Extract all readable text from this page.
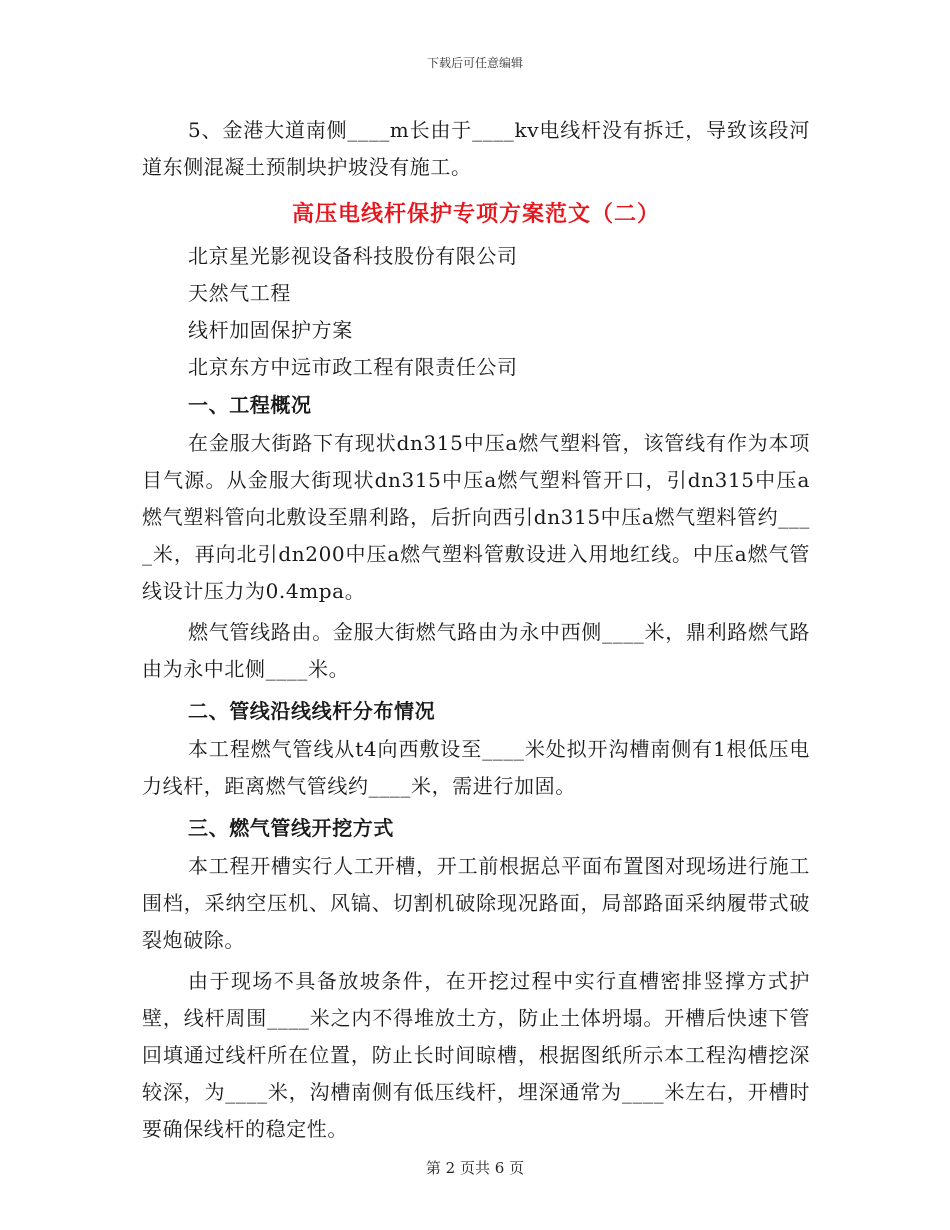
下载后可任意编辑

5、金港大道南侧____m长由于____kv电线杆没有拆迁，导致该段河道东侧混凝土预制块护坡没有施工。

高压电线杆保护专项方案范文（二）

北京星光影视设备科技股份有限公司

天然气工程

线杆加固保护方案

北京东方中远市政工程有限责任公司

一、工程概况

在金服大街路下有现状dn315中压a燃气塑料管，该管线有作为本项目气源。从金服大街现状dn315中压a燃气塑料管开口，引dn315中压a燃气塑料管向北敷设至鼎利路，后折向西引dn315中压a燃气塑料管约____米，再向北引dn200中压a燃气塑料管敷设进入用地红线。中压a燃气管线设计压力为0.4mpa。

燃气管线路由。金服大街燃气路由为永中西侧____米，鼎利路燃气路由为永中北侧____米。

二、管线沿线线杆分布情况

本工程燃气管线从t4向西敷设至____米处拟开沟槽南侧有1根低压电力线杆，距离燃气管线约____米，需进行加固。

三、燃气管线开挖方式

本工程开槽实行人工开槽，开工前根据总平面布置图对现场进行施工围档，采纳空压机、风镐、切割机破除现况路面，局部路面采纳履带式破裂炮破除。

由于现场不具备放坡条件，在开挖过程中实行直槽密排竖撑方式护壁，线杆周围____米之内不得堆放土方，防止土体坍塌。开槽后快速下管回填通过线杆所在位置，防止长时间晾槽，根据图纸所示本工程沟槽挖深较深，为____米，沟槽南侧有低压线杆，埋深通常为____米左右，开槽时要确保线杆的稳定性。

第 2 页共 6 页
